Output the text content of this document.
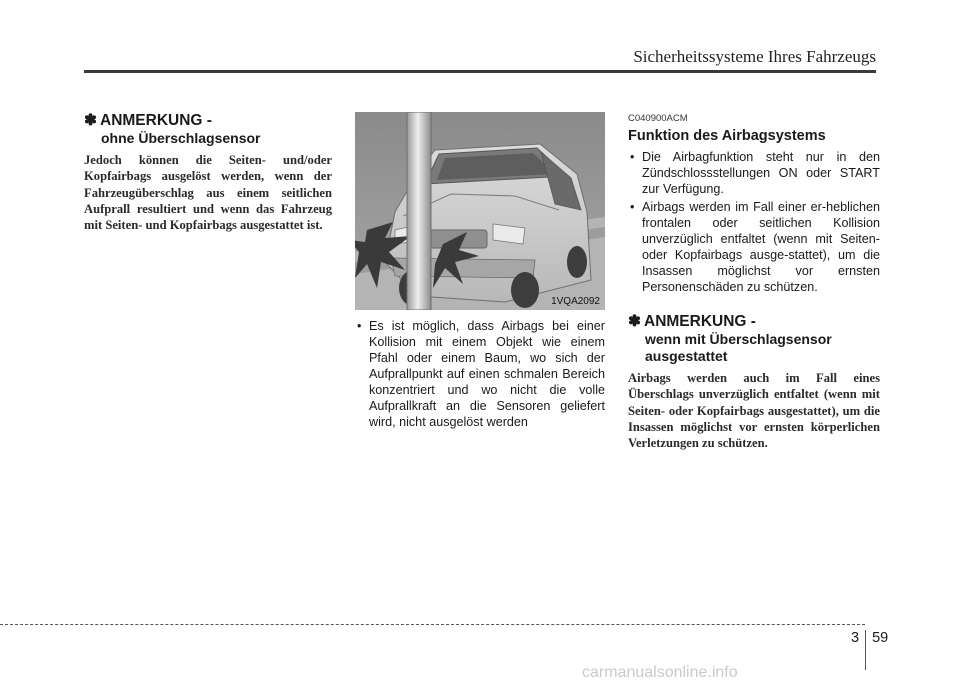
Sicherheitssysteme Ihres Fahrzeugs
✽ ANMERKUNG -
ohne Überschlagsensor
Jedoch können die Seiten- und/oder Kopfairbags ausgelöst werden, wenn der Fahrzeugüberschlag aus einem seitlichen Aufprall resultiert und wenn das Fahrzeug mit Seiten- und Kopfairbags ausgestattet ist.
1VQA2092
• Es ist möglich, dass Airbags bei einer Kollision mit einem Objekt wie einem Pfahl oder einem Baum, wo sich der Aufprallpunkt auf einen schmalen Bereich konzentriert und wo nicht die volle Aufprallkraft an die Sensoren geliefert wird, nicht ausgelöst werden
C040900ACM
Funktion des Airbagsystems
• Die Airbagfunktion steht nur in den Zündschlossstellungen ON oder START zur Verfügung.
• Airbags werden im Fall einer er-heblichen frontalen oder seitlichen Kollision unverzüglich entfaltet (wenn mit Seiten- oder Kopfairbags ausge-stattet), um die Insassen möglichst vor ernsten Personenschäden zu schützen.
✽ ANMERKUNG -
wenn mit Überschlagsensor ausgestattet
Airbags werden auch im Fall eines Überschlags unverzüglich entfaltet (wenn mit Seiten- oder Kopfairbags ausgestattet), um die Insassen möglichst vor ernsten körperlichen Verletzungen zu schützen.
3 59
carmanualsonline.info
